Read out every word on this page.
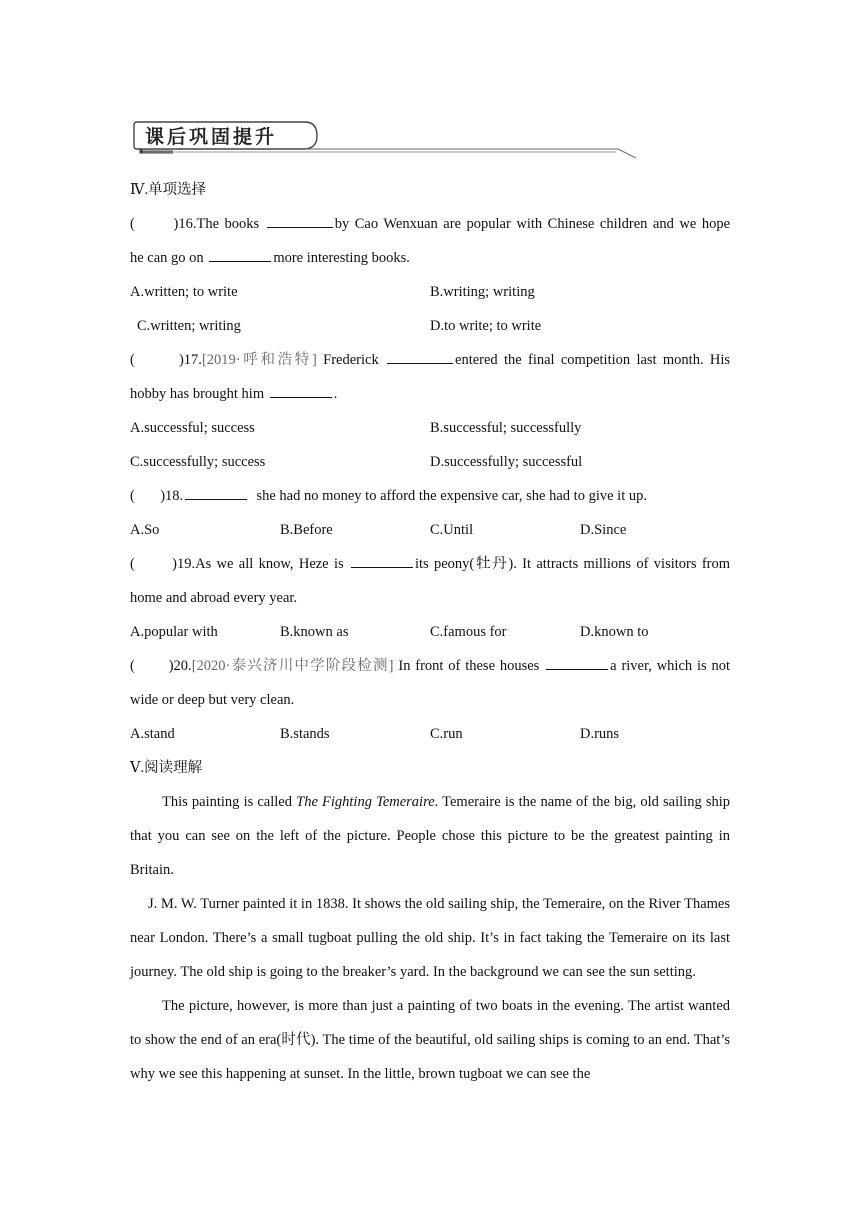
课后巩固提升
Ⅳ.单项选择
(	)16.The books	by Cao Wenxuan are popular with Chinese children and we hope
he can go on	more interesting books.
A.written; to write	B.writing; writing
C.written; writing	D.to write; to write
(	)17.[2019·呼和浩特] Frederick	entered the final competition last month. His
hobby has brought him	.
A.successful; success	B.successful; successfully
C.successfully; success	D.successfully; successful
( )18.	she had no money to afford the expensive car, she had to give it up.
A.So	B.Before	C.Until	D.Since
(	)19.As we all know, Heze is	its peony(牡丹). It attracts millions of visitors from
home and abroad every year.
A.popular with	B.known as	C.famous for	D.known to
( )20.[2020·泰兴济川中学阶段检测] In front of these houses	a river, which is not
wide or deep but very clean.
A.stand	B.stands	C.run	D.runs
Ⅴ.阅读理解

This painting is called The Fighting Temeraire. Temeraire is the name of the big, old sailing ship that you can see on the left of the picture. People chose this picture to be the greatest painting in Britain.

J. M. W. Turner painted it in 1838. It shows the old sailing ship, the Temeraire, on the River Thames near London. There’s a small tugboat pulling the old ship. It’s in fact taking the Temeraire on its last journey. The old ship is going to the breaker’s yard. In the background we can see the sun setting.

The picture, however, is more than just a painting of two boats in the evening. The artist wanted to show the end of an era(时代). The time of the beautiful, old sailing ships is coming to an end. That’s why we see this happening at sunset. In the little, brown tugboat we can see the
